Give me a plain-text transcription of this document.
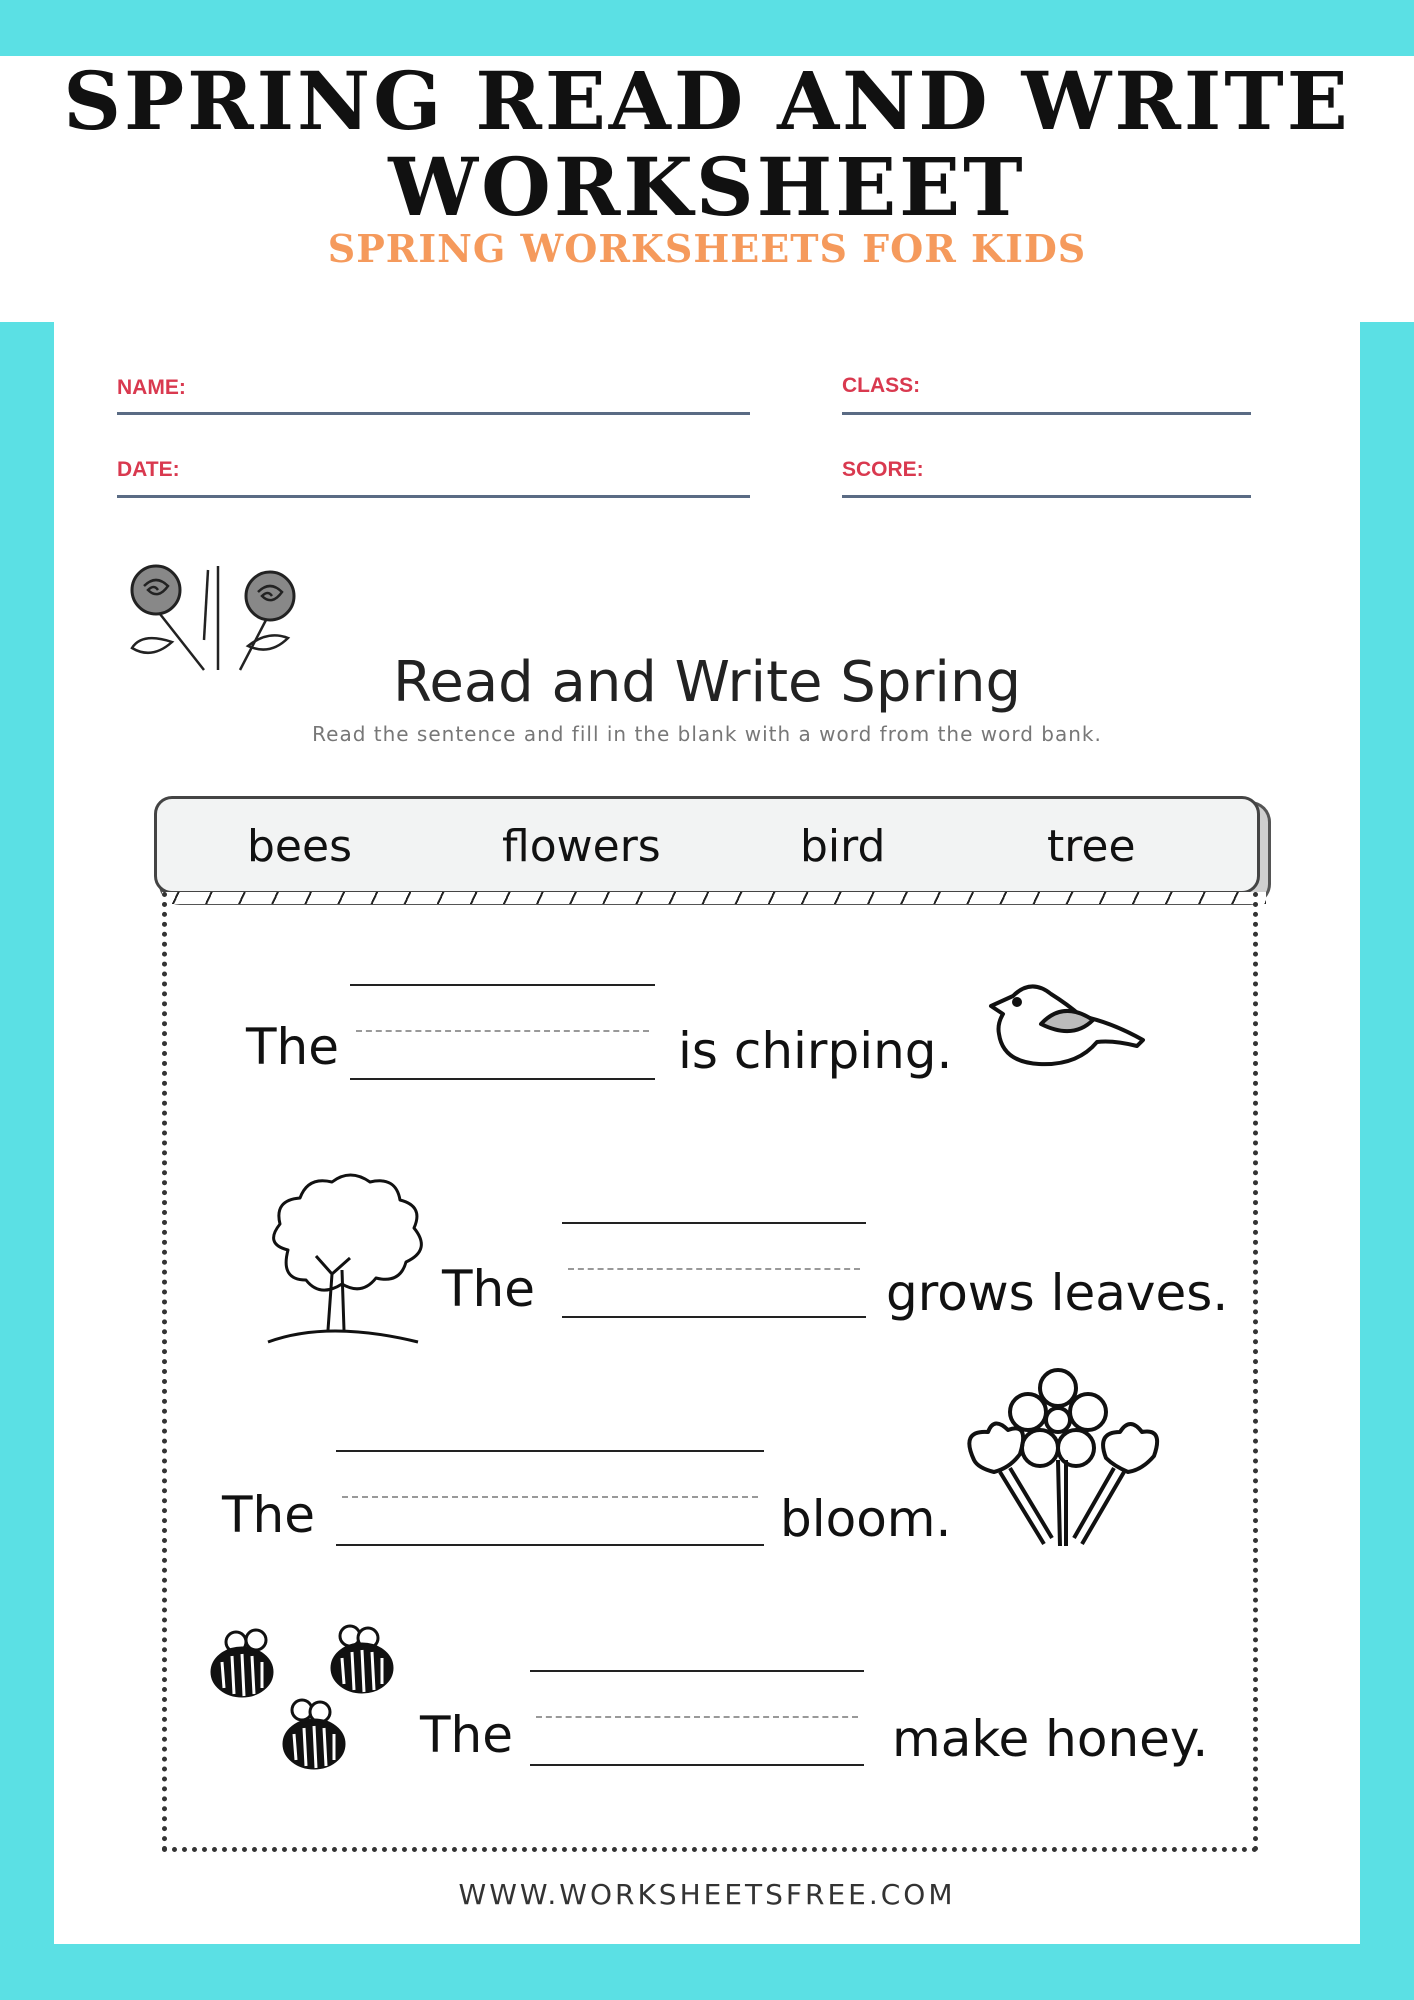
SPRING READ AND WRITE
WORKSHEET
SPRING WORKSHEETS FOR KIDS
NAME:	CLASS:
DATE:	SCORE:
Read and Write Spring
Read the sentence and fill in the blank with a word from the word bank.
bees	flowers	bird	tree
The	is chirping.
The	grows leaves.
The	bloom.
The	make honey.
WWW.WORKSHEETSFREE.COM
